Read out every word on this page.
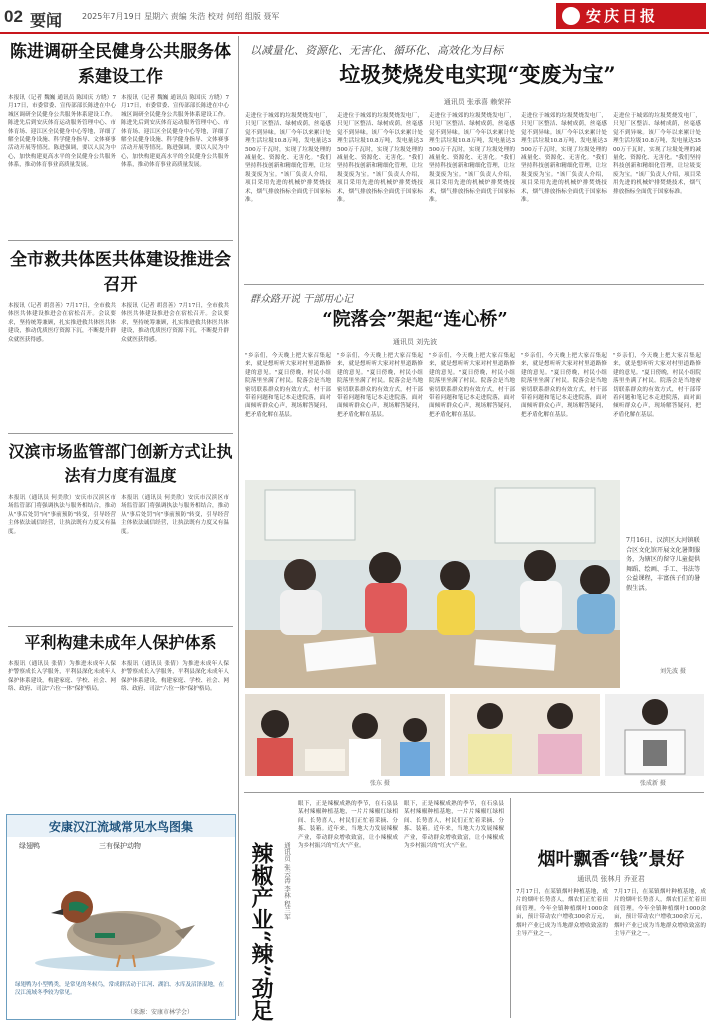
02 要闻 2025年7月19日 星期六 责编 朱浩 校对 何绍 组版 聂军	安庆日报
陈进调研全民健身公共服务体系建设工作
本报讯（记者 魏巍 通讯员 陈国庆 方晓）7月17日，市委常委、宣传部部长陈进在中心城区调研全民健身公共服务体系建设工作。陈进先后到安庆体育运动服务管理中心、市体育场、迎江区全民健身中心等地，详细了解全民健身设施、科学健身指导、文体赛事活动开展等情况。陈进强调，要以人民为中心，加快构建更高水平的全民健身公共服务体系，推动体育事业高质量发展。
本报讯（记者 魏巍 通讯员 陈国庆 方晓）7月17日，市委常委、宣传部部长陈进在中心城区调研全民健身公共服务体系建设工作。陈进先后到安庆体育运动服务管理中心、市体育场、迎江区全民健身中心等地，详细了解全民健身设施、科学健身指导、文体赛事活动开展等情况。陈进强调，要以人民为中心，加快构建更高水平的全民健身公共服务体系，推动体育事业高质量发展。
全市救共体医共体建设推进会召开
本报讯（记者 胡喜善）7月17日，全市救共体医共体建设推进会在宿松召开。会议要求，坚持统筹兼顾，扎实推进救共体医共体建设，推动优质医疗资源下沉，不断提升群众就医获得感。
本报讯（记者 胡喜善）7月17日，全市救共体医共体建设推进会在宿松召开。会议要求，坚持统筹兼顾，扎实推进救共体医共体建设，推动优质医疗资源下沉，不断提升群众就医获得感。
汉滨市场监管部门创新方式让执法有力度有温度
本报讯（通讯员 何美欣）安庆市汉滨区市场监管部门将强调执法与服务相结合，推动从"事后处罚"向"事前预防"转变，引导经营主体依法诚信经营，让执法既有力度又有温度。
本报讯（通讯员 何美欣）安庆市汉滨区市场监管部门将强调执法与服务相结合，推动从"事后处罚"向"事前预防"转变，引导经营主体依法诚信经营，让执法既有力度又有温度。
平利构建未成年人保护体系
本报讯（通讯员 张倩）为推进未成年人保护警察成长入学服务，平利县深化未成年人保护体系建设，构建家庭、学校、社会、网络、政府、司法"六位一体"保护格局。
本报讯（通讯员 张倩）为推进未成年人保护警察成长入学服务，平利县深化未成年人保护体系建设，构建家庭、学校、社会、网络、政府、司法"六位一体"保护格局。
安康汉江流域常见水鸟图集
绿翅鸭	三有保护动物
绿翅鸭为小型鸭类，是常见的冬候鸟，常成群活动于江河、湖泊、水库及沼泽湿地，在汉江流域冬季较为常见。
（来源：安康市林学会）
以减量化、资源化、无害化、循环化、高效化为目标
垃圾焚烧发电实现“变废为宝”
通讯员 张承喜 赖荣祥
走进位于城郊的垃圾焚烧发电厂，只见厂区整洁、绿树成荫，丝毫感觉不到异味。该厂今年以来累计处理生活垃圾10.8万吨，发电量达3500万千瓦时，实现了垃圾处理的减量化、资源化、无害化。"我们坚持科技创新和精细化管理，让垃圾变废为宝。"该厂负责人介绍，项目采用先进的机械炉排焚烧技术，烟气排放指标全面优于国家标准。
走进位于城郊的垃圾焚烧发电厂，只见厂区整洁、绿树成荫，丝毫感觉不到异味。该厂今年以来累计处理生活垃圾10.8万吨，发电量达3500万千瓦时，实现了垃圾处理的减量化、资源化、无害化。"我们坚持科技创新和精细化管理，让垃圾变废为宝。"该厂负责人介绍，项目采用先进的机械炉排焚烧技术，烟气排放指标全面优于国家标准。
走进位于城郊的垃圾焚烧发电厂，只见厂区整洁、绿树成荫，丝毫感觉不到异味。该厂今年以来累计处理生活垃圾10.8万吨，发电量达3500万千瓦时，实现了垃圾处理的减量化、资源化、无害化。"我们坚持科技创新和精细化管理，让垃圾变废为宝。"该厂负责人介绍，项目采用先进的机械炉排焚烧技术，烟气排放指标全面优于国家标准。
走进位于城郊的垃圾焚烧发电厂，只见厂区整洁、绿树成荫，丝毫感觉不到异味。该厂今年以来累计处理生活垃圾10.8万吨，发电量达3500万千瓦时，实现了垃圾处理的减量化、资源化、无害化。"我们坚持科技创新和精细化管理，让垃圾变废为宝。"该厂负责人介绍，项目采用先进的机械炉排焚烧技术，烟气排放指标全面优于国家标准。
走进位于城郊的垃圾焚烧发电厂，只见厂区整洁、绿树成荫，丝毫感觉不到异味。该厂今年以来累计处理生活垃圾10.8万吨，发电量达3500万千瓦时，实现了垃圾处理的减量化、资源化、无害化。"我们坚持科技创新和精细化管理，让垃圾变废为宝。"该厂负责人介绍，项目采用先进的机械炉排焚烧技术，烟气排放指标全面优于国家标准。
群众路开说 干部用心记
“院落会”架起“连心桥”
通讯员 刘先波
"乡亲们，今天晚上把大家召集起来，就是想听听大家对村里道路修建的意见。"夏日傍晚，村民小组院落里坐满了村民。院落会是当地密切联系群众的有效方式，村干部带着问题和笔记本走进院落，面对面倾听群众心声，现场解答疑问，把矛盾化解在基层。
"乡亲们，今天晚上把大家召集起来，就是想听听大家对村里道路修建的意见。"夏日傍晚，村民小组院落里坐满了村民。院落会是当地密切联系群众的有效方式，村干部带着问题和笔记本走进院落，面对面倾听群众心声，现场解答疑问，把矛盾化解在基层。
"乡亲们，今天晚上把大家召集起来，就是想听听大家对村里道路修建的意见。"夏日傍晚，村民小组院落里坐满了村民。院落会是当地密切联系群众的有效方式，村干部带着问题和笔记本走进院落，面对面倾听群众心声，现场解答疑问，把矛盾化解在基层。
"乡亲们，今天晚上把大家召集起来，就是想听听大家对村里道路修建的意见。"夏日傍晚，村民小组院落里坐满了村民。院落会是当地密切联系群众的有效方式，村干部带着问题和笔记本走进院落，面对面倾听群众心声，现场解答疑问，把矛盾化解在基层。
"乡亲们，今天晚上把大家召集起来，就是想听听大家对村里道路修建的意见。"夏日傍晚，村民小组院落里坐满了村民。院落会是当地密切联系群众的有效方式，村干部带着问题和笔记本走进院落，面对面倾听群众心声，现场解答疑问，把矛盾化解在基层。
7月16日，汉滨区大河镇联合区文化馆开展文化暑期服务，为辖区的留守儿童提供舞蹈、绘画、手工、书法等公益课程，丰富孩子们的暑假生活。
刘先波 摄
张东 摄	张成新 摄
辣椒产业“辣”劲足	通讯员 张云涛 李林 程兰军
眼下，正是辣椒成熟的季节，在石泉县某村辣椒种植基地，一片片辣椒红绿相间、长势喜人，村民们正忙着采摘、分拣、装箱。近年来，当地大力发展辣椒产业，带动群众增收致富，让小辣椒成为乡村振兴的"红火"产业。
眼下，正是辣椒成熟的季节，在石泉县某村辣椒种植基地，一片片辣椒红绿相间、长势喜人，村民们正忙着采摘、分拣、装箱。近年来，当地大力发展辣椒产业，带动群众增收致富，让小辣椒成为乡村振兴的"红火"产业。
烟叶飘香“钱”景好
通讯员 张林月 乔亚君
7月17日，在某镇烟叶种植基地，成片的烟叶长势喜人，烟农们正忙着田间管理。今年全镇种植烟叶1000余亩，预计带动农户增收300余万元，烟叶产业已成为当地群众增收致富的主导产业之一。
7月17日，在某镇烟叶种植基地，成片的烟叶长势喜人，烟农们正忙着田间管理。今年全镇种植烟叶1000余亩，预计带动农户增收300余万元，烟叶产业已成为当地群众增收致富的主导产业之一。
